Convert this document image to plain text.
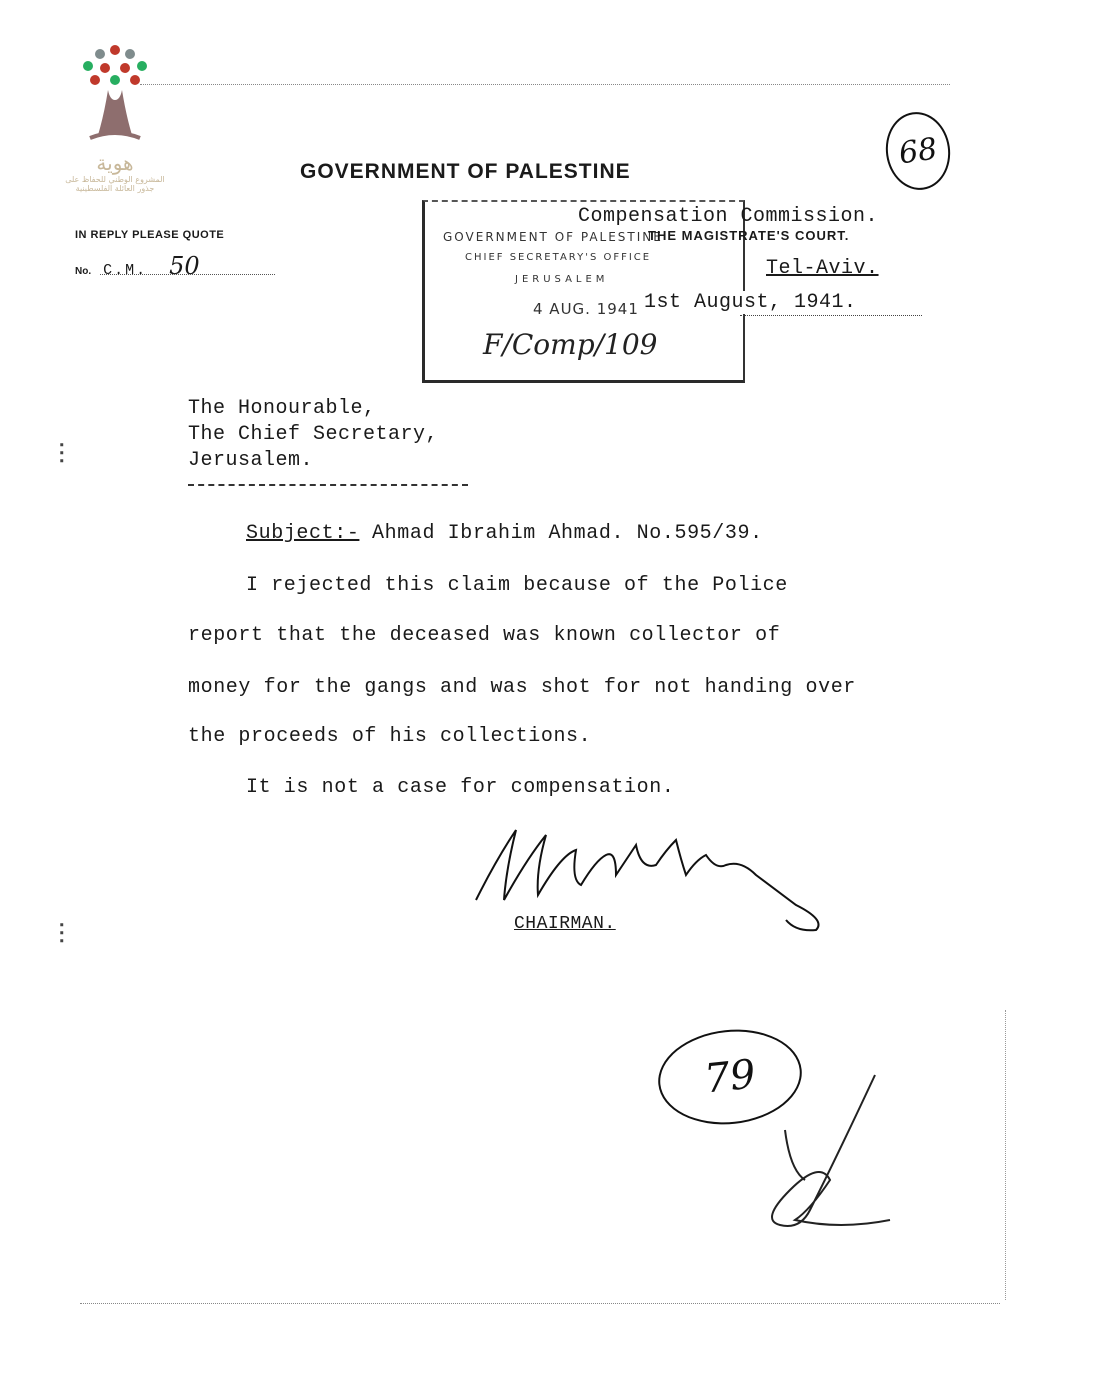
هوية
المشروع الوطني للحفاظ على
جذور العائلة الفلسطينية
68
GOVERNMENT OF PALESTINE
IN REPLY PLEASE QUOTE
No. C.M. 50
GOVERNMENT OF PALESTINE
CHIEF SECRETARY'S OFFICE
JERUSALEM
4 AUG. 1941
F/Comp/109
Compensation Commission.
THE MAGISTRATE'S COURT.
Tel-Aviv.
1st August, 1941.
⫶
⫶
The Honourable,
The Chief Secretary,
Jerusalem.
Subject:- Ahmad Ibrahim Ahmad. No.595/39.
I rejected this claim because of the Police
report that the deceased was known collector of
money for the gangs and was shot for not handing over
the proceeds of his collections.
It is not a case for compensation.
CHAIRMAN.
79
